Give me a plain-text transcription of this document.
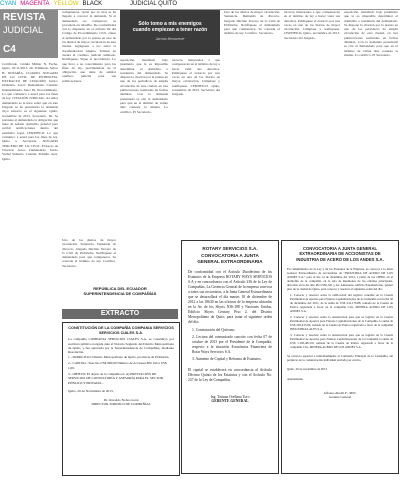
CYAN MAGENTA YELLOW BLACK	JUDICIAL QUITO
REVISTA
JUDICIAL
C4
Certificado. Cédula Militar N. Fecha. Quito, 05/11/2013. Dr. Edmundo Saltos H. NOTARÍA. CUARTO JUZGADO DE LO CIVIL DE PICHINCHA. EXTRACTO DE CITACIÓN. Juicio: Ordinario. Actor: Demandado. Cuantía: Indeterminada. Juez: Dr. Procedimiento. Lo que comunico a usted para los fines de ley. CITACIÓN JUDICIAL. Al señor demandado se le hace saber que en este Juzgado se ha presentado la demanda cuyo extracto es el siguiente. Quito, noviembre de 2013. Secretario. Dr. Se previene al demandado la obligación que tiene de señalar domicilio judicial para recibir notificaciones dentro del perímetro legal. CERTIFICO. Lo que comunico a usted para los fines de ley. Quito a. Secretaria. JUZGADO TERCERO DE LO CIVIL. Extracto de Citación. Actor. Demandado. Juicio Verbal Sumario. Cuantía. Trámite. Juez. Quito.
competencia, razón por la cual se ha llegado a conocer la demanda. Si el demandado no comparece, se procederá en rebeldía. De conformidad con lo dispuesto en el artículo 82 del Código de Procedimiento Civil, cítese al demandado por la prensa en uno de los diarios de mayor circulación de esta ciudad. Agréguese a los autos la documentación adjunta. Tómese en cuenta el casillero judicial señalado. Notifíquese. Sigue la providencia. Lo que llevo a su conocimiento para los fines de ley, previniéndole de la obligación que tiene de señalar casillero judicial para sus notificaciones.
Sólo tomo a mis enemigos
cuando empiezan a tener razón
Jacinto Benavente
reposición, manifestó bajo juramento que le es imposible determinar el domicilio o residencia del demandado. Se dispone la citación por la prensa en uno de los periódicos de amplia circulación de esta ciudad, en tres publicaciones realizadas en fechas distintas. Con la demanda presentada se cita al demandado para que en el término de veinte días conteste la misma. Lo certifico. El Secretario.
terceros interesados a que comparezcan en el término de ley a hacer valer sus derechos. Publíquese el extracto por tres veces en uno de los diarios de mayor circulación. Cúmplase y notifíquese. CERTIFICO. Quito, noviembre de 2013. Secretario del Juzgado.
Uno de los diarios de mayor circulación. Sentencia. Demanda de divorcio. Juzgado Décimo Tercero de lo Civil de Pichincha. Notifíquese al demandado para que comparezca. Se concede el término de ley. Certifico. Secretario.
terceros interesados a que comparezcan en el término de ley a hacer valer sus derechos. Publíquese el extracto por tres veces en uno de los diarios de mayor circulación. Cúmplase y notifíquese. CERTIFICO. Quito, noviembre de 2013. Secretario del Juzgado.
reposición, manifestó bajo juramento que le es imposible determinar el domicilio o residencia del demandado. Se dispone la citación por la prensa en uno de los periódicos de amplia circulación de esta ciudad, en tres publicaciones realizadas en fechas distintas. Con la demanda presentada se cita al demandado para que en el término de veinte días conteste la misma. Lo certifico. El Secretario.
Uno de los diarios de mayor circulación. Sentencia. Demanda de divorcio. Juzgado Décimo Tercero de lo Civil de Pichincha. Notifíquese al demandado para que comparezca. Se concede el término de ley. Certifico. Secretario.
REPÚBLICA DEL ECUADOR
SUPERINTENDENCIA DE COMPAÑÍAS
EXTRACTO
CONSTITUCIÓN DE LA COMPAÑÍA COMPANIA SERVICIOS SERVICIOS CIALES S.A.
La compañía COMPANIA SERVICIOS CIALES S.A. se constituyó por escritura pública otorgada ante el Notario Segundo del Distrito Metropolitano de Quito, y fue aprobada por la Superintendencia de Compañías, mediante Resolución.
1.- DOMICILIO: Distrito Metropolitano de Quito, provincia de Pichincha.
2.- CAPITAL: Suscrito US$ 800,00 Número de Acciones 800 Valor US$ 1,00.
3.- OBJETO: El objeto de la compañía es: A) PRESTACIÓN DE SERVICIOS DE CONSULTORÍA Y ASESORÍA PARA EL SECTOR PÚBLICO Y PRIVADO...
Quito, 20 de Noviembre de 2013.
Dr. Oswaldo Noboa León
DIRECTOR JURIDICO DE COMPAÑÍAS
ROTARY SERVICIOS S.A.
CONVOCATORIA A JUNTA GENERAL EXTRAORDINARIA
De conformidad con el Artículo Duodécimo de los Estatutos de la Empresa ROTARY WAYS SERVICIOS S.A y en concordancia con el Artículo 236 de la Ley de Compañías, La Gerencia General de la empresa convoca a todos sus accionistas, a la Junta General Extraordinaria que se desarrollará el día martes 18 de diciembre de 2012 a las 18h30 en las oficinas de la empresa ubicadas en la Av. de los Shyris N36-188 y Naciones Unidas, Edificio Shyris Century Piso 2, del Distrito Metropolitano de Quito, para tratar el siguiente orden del día:
1. Constatación del Quórum;
2. Lectura del comunicado suscrito con fecha 07 de octubre de 2013 por el Presidente de la Compañía, respecto a la situación Económica Financiera de Rotar Ways Servicios S.A.
3. Aumento de Capital y Reforma de Estatutos.
El capital se establecerá en concordancia al Artículo Décimo Quinto de los Estatutos y con el Artículo No. 237 de la Ley de Compañías.
Ing. Tatiana Orellana Toro
GERENTE GENERAL
CONVOCATORIA A JUNTA GENERAL EXTRAORDINARIA DE ACCIONISTAS DE INDUSTRIA DE ACERO DE LOS ANDES S.A.
En cumplimiento de la Ley y de los Estatutos de la Empresa, se convoca a la Junta General Extraordinaria de Accionistas de "INDUSTRIA DE ACERO DE LOS ANDES S.A." para el día 14 de diciembre del 2013, a partir de las 10H00, en el domicilio de la compañía, en la sala de Reuniones de las oficinas principales, ubicadas en la Av. Rio Pita N36-341 y Av. Amazonas, edificio Panamericano, primer piso de la ciudad de Quito, para conocer y resolver el siguiente orden del día:
1. Conocer y resolver sobre la ratificación del registro contable en la Cuenta Patrimonial de Aportes para Futuras Capitalizaciones de la Compañía con fecha 30 de diciembre del 2011, de la suma de US$ 241,170.88, tomada de la Cuenta de Pasivo registrada a favor de la compañía CIA. MINERA ACERO DE LOS ANDES S.A.
2. Conocer y resolver sobre la autorización para que se registre en la Cuenta Patrimonial de Aportes para Futuras Capitalizaciones de la Compañía, la suma de US$ 295,615.00, tomada de la Cuenta de Pasivo registrada a favor de la compañía INDUSTRIAS ALES S.A.
3. Conocer y resolver sobre la autorización para que se registre en la Cuenta Patrimonial de Aportes para Futuras Capitalizaciones de la Compañía la suma de US$ 1,183,481.00, tomada de la Cuenta de Pasivo registrada a favor de la compañía CIA. MINERA ACERO DE LOS ANDES S.A.
Se convoca especial e individualmente al Comisario Principal de la Compañía, sin perjuicio de la comunicación individual enviada por escrito.
Quito, 26 de noviembre de 2013
Atentamente,
Alfonso Abelló F., MSC
Gerente General
